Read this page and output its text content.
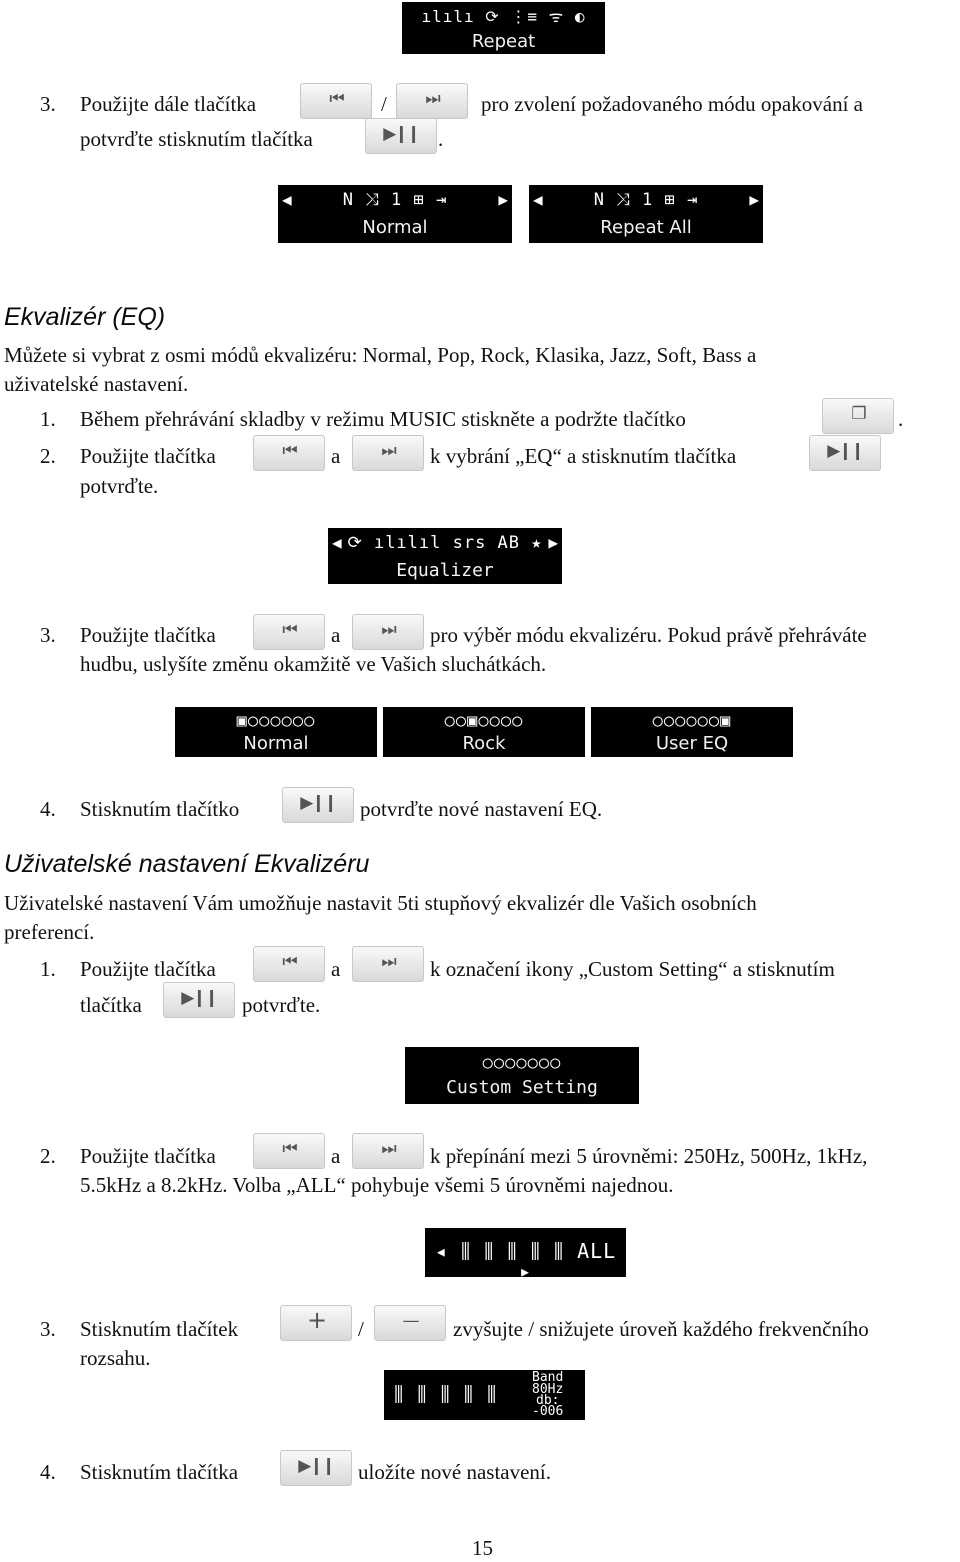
ılılı ⟳ ⋮≡ ᯤ ◐
Repeat
3. Použijte dále tlačítka	⏮	/	⏭	pro zvolení požadovaného módu opakování a
potvrďte stisknutím tlačítka	▶❙❙ .
◀	N ⤨ 1 ⊞ ⇥	▶
Normal
◀	N ⤨ 1 ⊞ ⇥	▶
Repeat All
Ekvalizér (EQ)
Můžete si vybrat z osmi módů ekvalizéru: Normal, Pop, Rock, Klasika, Jazz, Soft, Bass a
uživatelské nastavení.
1. Během přehrávání skladby v režimu MUSIC stiskněte a podržte tlačítko	❐	.
2. Použijte tlačítka	⏮	a	⏭	k vybrání „EQ“ a stisknutím tlačítka	▶❙❙
potvrďte.
◀ ⟳ ılılıl srs AB ★ ▶
Equalizer
3. Použijte tlačítka	⏮	a	⏭	pro výběr módu ekvalizéru. Pokud právě přehráváte
hudbu, uslyšíte změnu okamžitě ve Vašich sluchátkách.
▣○○○○○○
Normal
○○▣○○○○
Rock
○○○○○○▣
User EQ
4. Stisknutím tlačítko	▶❙❙	potvrďte nové nastavení EQ.
Uživatelské nastavení Ekvalizéru
Uživatelské nastavení Vám umožňuje nastavit 5ti stupňový ekvalizér dle Vašich osobních
preferencí.
1. Použijte tlačítka	⏮	a	⏭	k označení ikony „Custom Setting“ a stisknutím
tlačítka	▶❙❙	potvrďte.
○○○○○○○
Custom Setting
2. Použijte tlačítka	⏮	a	⏭	k přepínání mezi 5 úrovněmi: 250Hz, 500Hz, 1kHz,
5.5kHz a 8.2kHz. Volba „ALL“ pohybuje všemi 5 úrovněmi najednou.
◂ ⫼ ⫼ ⫼ ⫼ ⫼ ALL ▸
3. Stisknutím tlačítek	+	/	—	zvyšujte / snižujete úroveň každého frekvenčního
rozsahu.
⫼ ⫼ ⫼ ⫼ ⫼
Band
80Hz
db:
-006
4. Stisknutím tlačítka	▶❙❙	uložíte nové nastavení.
15
